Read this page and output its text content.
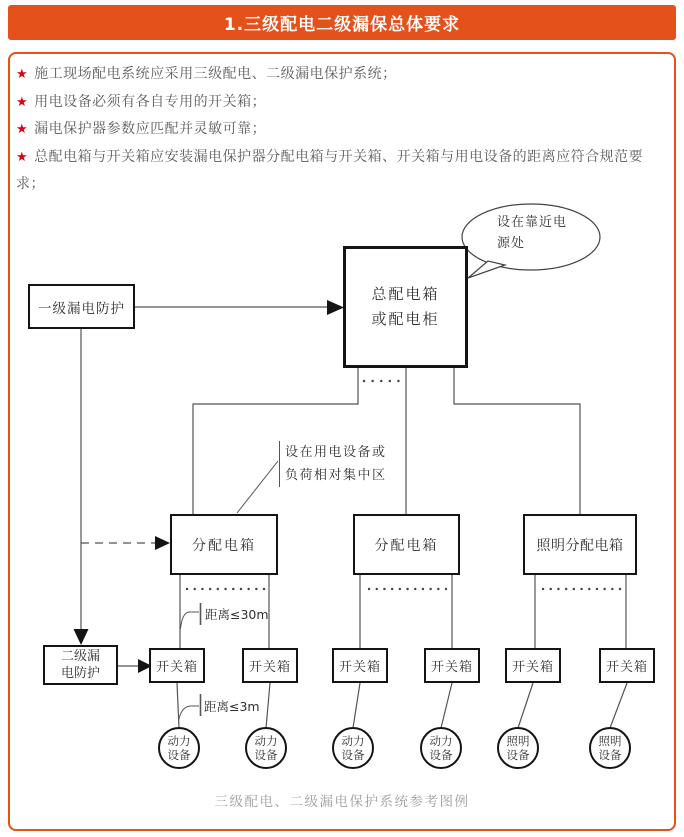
1.三级配电二级漏保总体要求

★ 施工现场配电系统应采用三级配电、二级漏电保护系统；

★ 用电设备必须有各自专用的开关箱；

★ 漏电保护器参数应匹配并灵敏可靠；

★ 总配电箱与开关箱应安装漏电保护器分配电箱与开关箱、开关箱与用电设备的距离应符合规范要

求；

设在靠近电源处
一级漏电防护
总配电箱
或配电柜
设在用电设备或负荷相对集中区
分配电箱	分配电箱	照明分配电箱
二级漏电防护
距离≤30m
距离≤3m
开关箱	开关箱	开关箱	开关箱	开关箱	开关箱
动力设备
动力设备
动力设备
动力设备
照明设备
照明设备
三级配电、二级漏电保护系统参考图例
